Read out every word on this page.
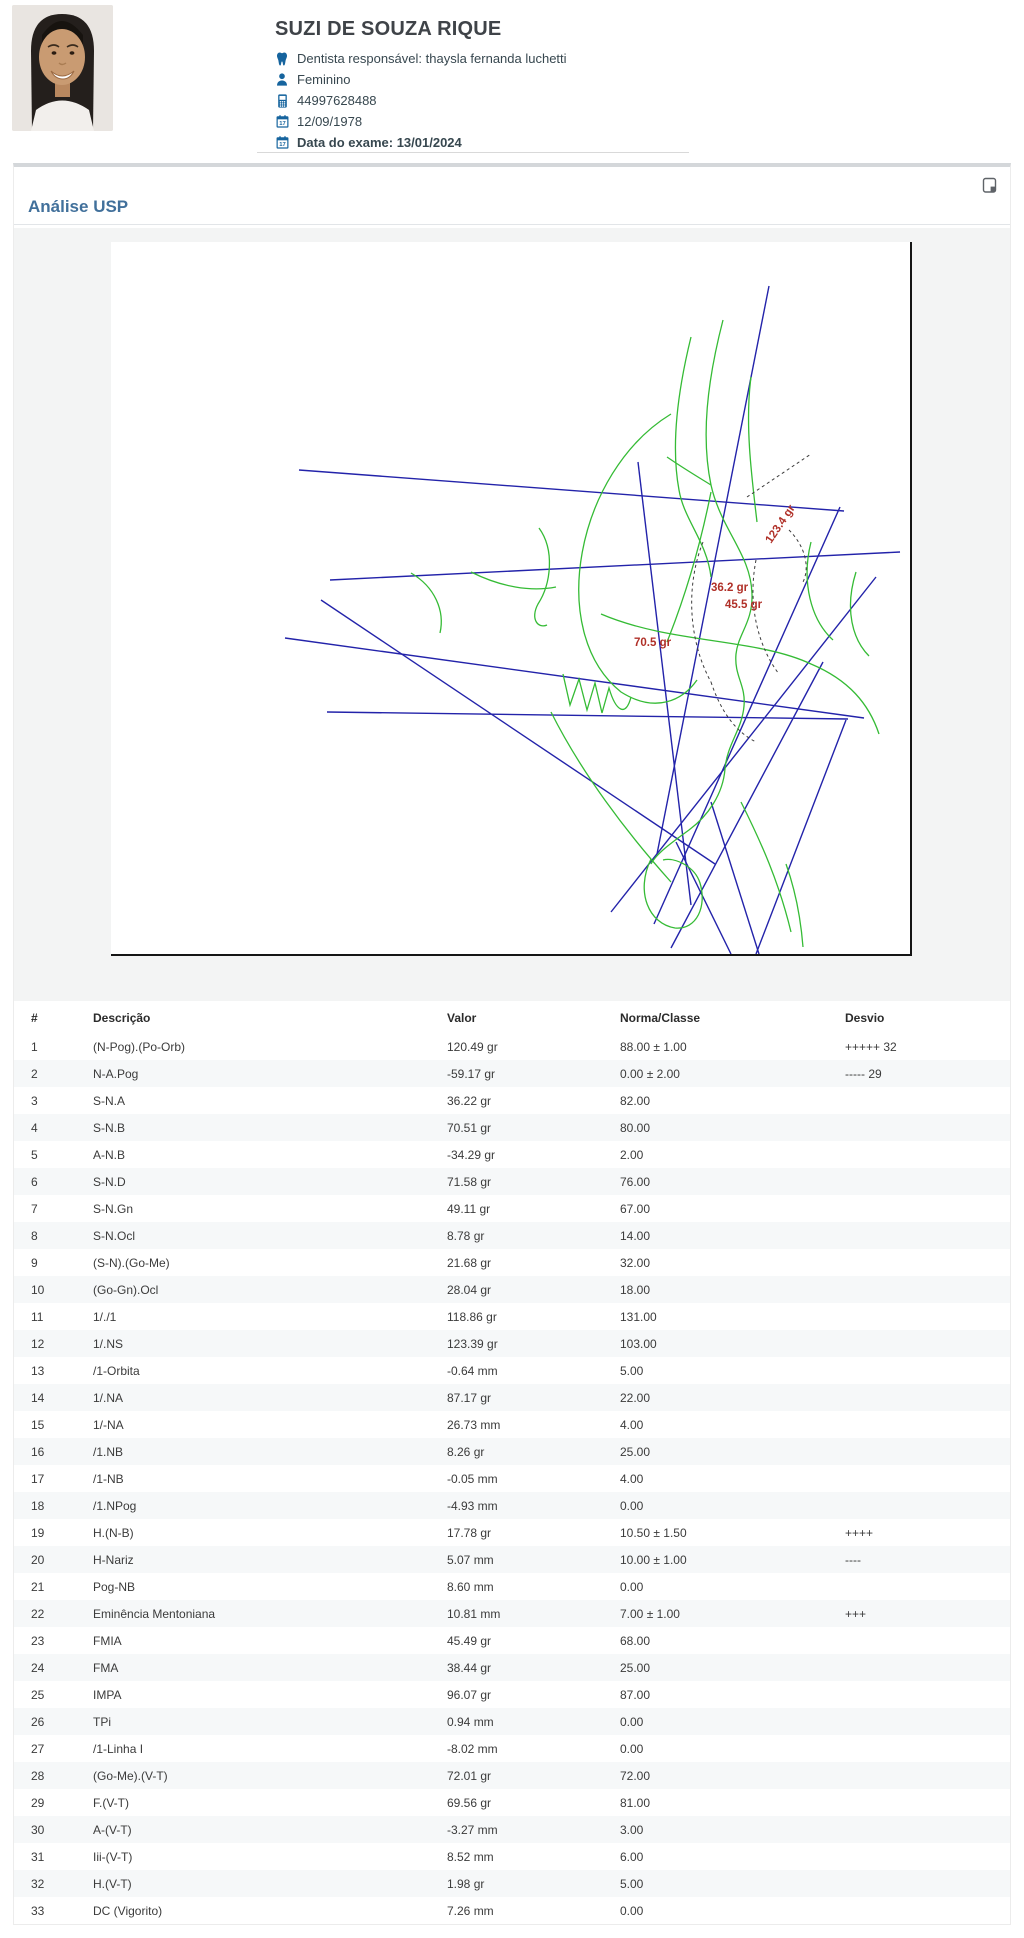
SUZI DE SOUZA RIQUE
Dentista responsável: thaysla fernanda luchetti
Feminino
44997628488
17 12/09/1978
17 Data do exame: 13/01/2024
Análise USP
123.4 gr
36.2 gr
45.5 gr
70.5 gr
#	Descrição	Valor	Norma/Classe	Desvio
1	(N-Pog).(Po-Orb)	120.49 gr	88.00 ± 1.00	+++++ 32
2	N-A.Pog	-59.17 gr	0.00 ± 2.00	----- 29
3	S-N.A	36.22 gr	82.00	
4	S-N.B	70.51 gr	80.00	
5	A-N.B	-34.29 gr	2.00	
6	S-N.D	71.58 gr	76.00	
7	S-N.Gn	49.11 gr	67.00	
8	S-N.Ocl	8.78 gr	14.00	
9	(S-N).(Go-Me)	21.68 gr	32.00	
10	(Go-Gn).Ocl	28.04 gr	18.00	
11	1/./1	118.86 gr	131.00	
12	1/.NS	123.39 gr	103.00	
13	/1-Orbita	-0.64 mm	5.00	
14	1/.NA	87.17 gr	22.00	
15	1/-NA	26.73 mm	4.00	
16	/1.NB	8.26 gr	25.00	
17	/1-NB	-0.05 mm	4.00	
18	/1.NPog	-4.93 mm	0.00	
19	H.(N-B)	17.78 gr	10.50 ± 1.50	++++
20	H-Nariz	5.07 mm	10.00 ± 1.00	----
21	Pog-NB	8.60 mm	0.00	
22	Eminência Mentoniana	10.81 mm	7.00 ± 1.00	+++
23	FMIA	45.49 gr	68.00	
24	FMA	38.44 gr	25.00	
25	IMPA	96.07 gr	87.00	
26	TPi	0.94 mm	0.00	
27	/1-Linha I	-8.02 mm	0.00	
28	(Go-Me).(V-T)	72.01 gr	72.00	
29	F.(V-T)	69.56 gr	81.00	
30	A-(V-T)	-3.27 mm	3.00	
31	Iii-(V-T)	8.52 mm	6.00	
32	H.(V-T)	1.98 gr	5.00	
33	DC (Vigorito)	7.26 mm	0.00	
